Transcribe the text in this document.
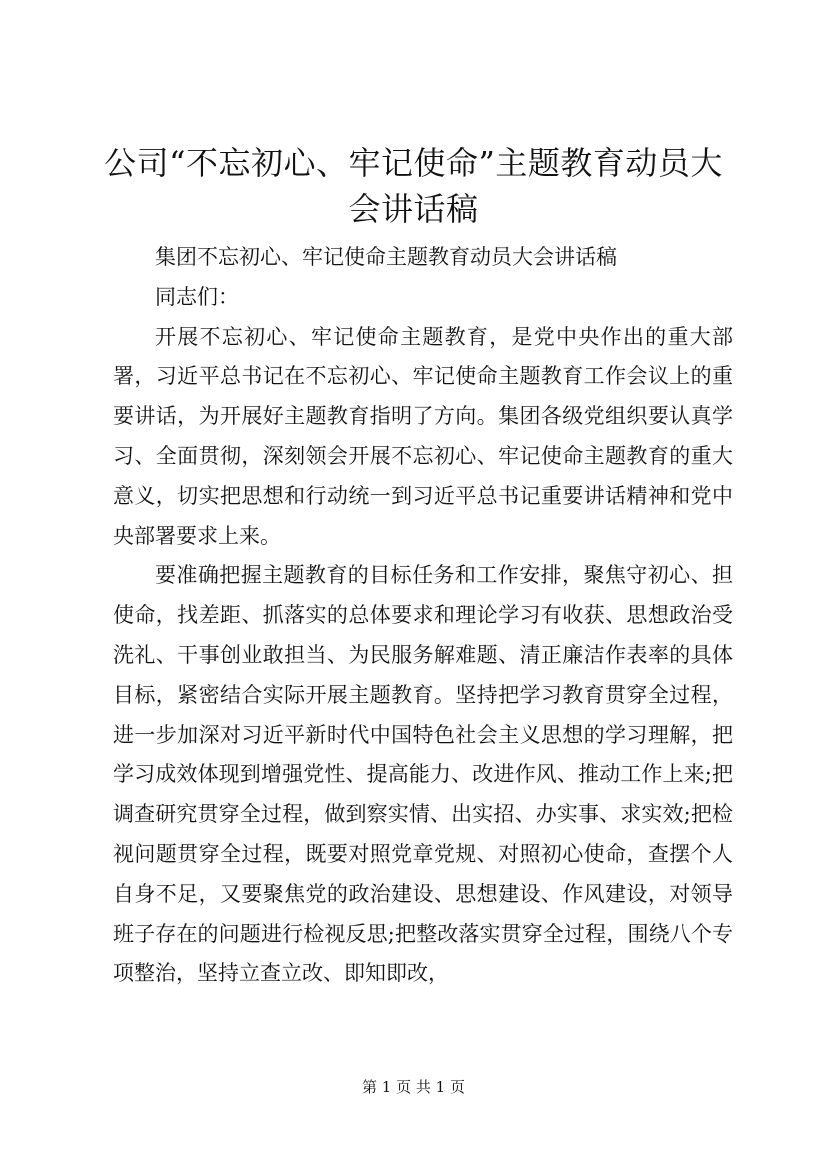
公司“不忘初心、牢记使命”主题教育动员大会讲话稿

集团不忘初心、牢记使命主题教育动员大会讲话稿

同志们：

开展不忘初心、牢记使命主题教育，是党中央作出的重大部署，习近平总书记在不忘初心、牢记使命主题教育工作会议上的重要讲话，为开展好主题教育指明了方向。集团各级党组织要认真学习、全面贯彻，深刻领会开展不忘初心、牢记使命主题教育的重大意义，切实把思想和行动统一到习近平总书记重要讲话精神和党中央部署要求上来。

要准确把握主题教育的目标任务和工作安排，聚焦守初心、担使命，找差距、抓落实的总体要求和理论学习有收获、思想政治受洗礼、干事创业敢担当、为民服务解难题、清正廉洁作表率的具体目标，紧密结合实际开展主题教育。坚持把学习教育贯穿全过程，进一步加深对习近平新时代中国特色社会主义思想的学习理解，把学习成效体现到增强党性、提高能力、改进作风、推动工作上来;把调查研究贯穿全过程，做到察实情、出实招、办实事、求实效;把检视问题贯穿全过程，既要对照党章党规、对照初心使命，查摆个人自身不足，又要聚焦党的政治建设、思想建设、作风建设，对领导班子存在的问题进行检视反思;把整改落实贯穿全过程，围绕八个专项整治，坚持立查立改、即知即改，

第 1 页 共 1 页
